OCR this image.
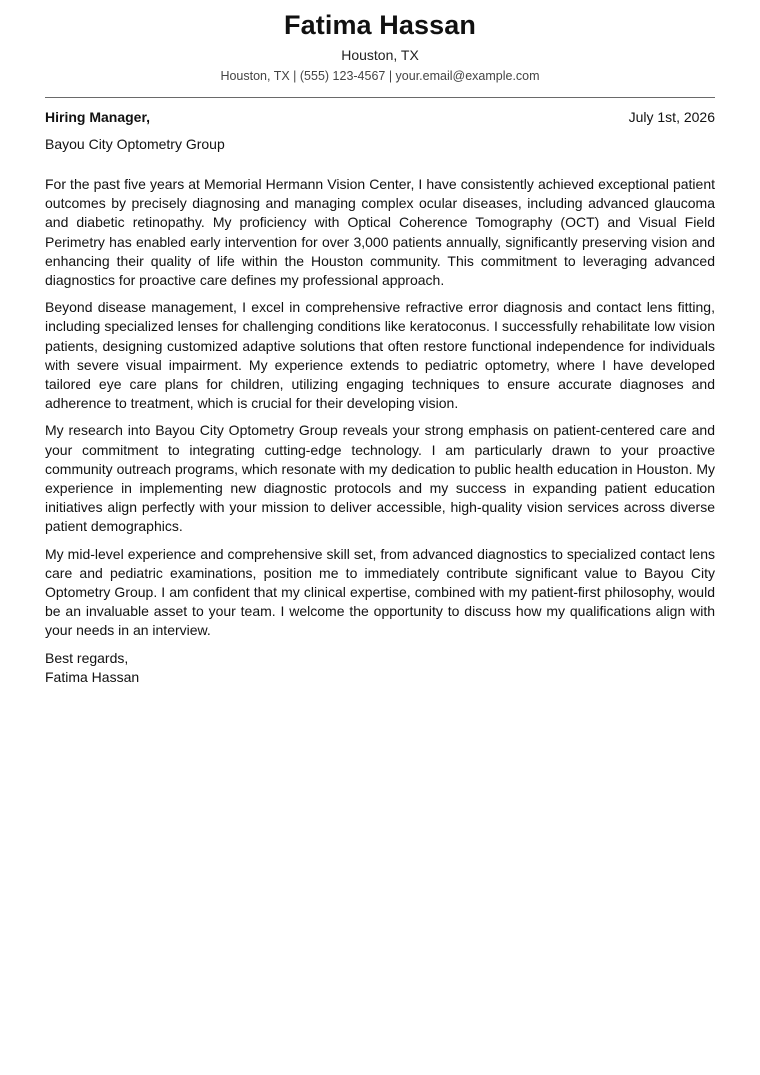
Fatima Hassan
Houston, TX
Houston, TX | (555) 123-4567 | your.email@example.com
Hiring Manager,	July 1st, 2026
Bayou City Optometry Group

For the past five years at Memorial Hermann Vision Center, I have consistently achieved exceptional patient outcomes by precisely diagnosing and managing complex ocular diseases, including advanced glaucoma and diabetic retinopathy. My proficiency with Optical Coherence Tomography (OCT) and Visual Field Perimetry has enabled early intervention for over 3,000 patients annually, significantly preserving vision and enhancing their quality of life within the Houston community. This commitment to leveraging advanced diagnostics for proactive care defines my professional approach.

Beyond disease management, I excel in comprehensive refractive error diagnosis and contact lens fitting, including specialized lenses for challenging conditions like keratoconus. I successfully rehabilitate low vision patients, designing customized adaptive solutions that often restore functional independence for individuals with severe visual impairment. My experience extends to pediatric optometry, where I have developed tailored eye care plans for children, utilizing engaging techniques to ensure accurate diagnoses and adherence to treatment, which is crucial for their developing vision.

My research into Bayou City Optometry Group reveals your strong emphasis on patient-centered care and your commitment to integrating cutting-edge technology. I am particularly drawn to your proactive community outreach programs, which resonate with my dedication to public health education in Houston. My experience in implementing new diagnostic protocols and my success in expanding patient education initiatives align perfectly with your mission to deliver accessible, high-quality vision services across diverse patient demographics.

My mid-level experience and comprehensive skill set, from advanced diagnostics to specialized contact lens care and pediatric examinations, position me to immediately contribute significant value to Bayou City Optometry Group. I am confident that my clinical expertise, combined with my patient-first philosophy, would be an invaluable asset to your team. I welcome the opportunity to discuss how my qualifications align with your needs in an interview.

Best regards,
Fatima Hassan
